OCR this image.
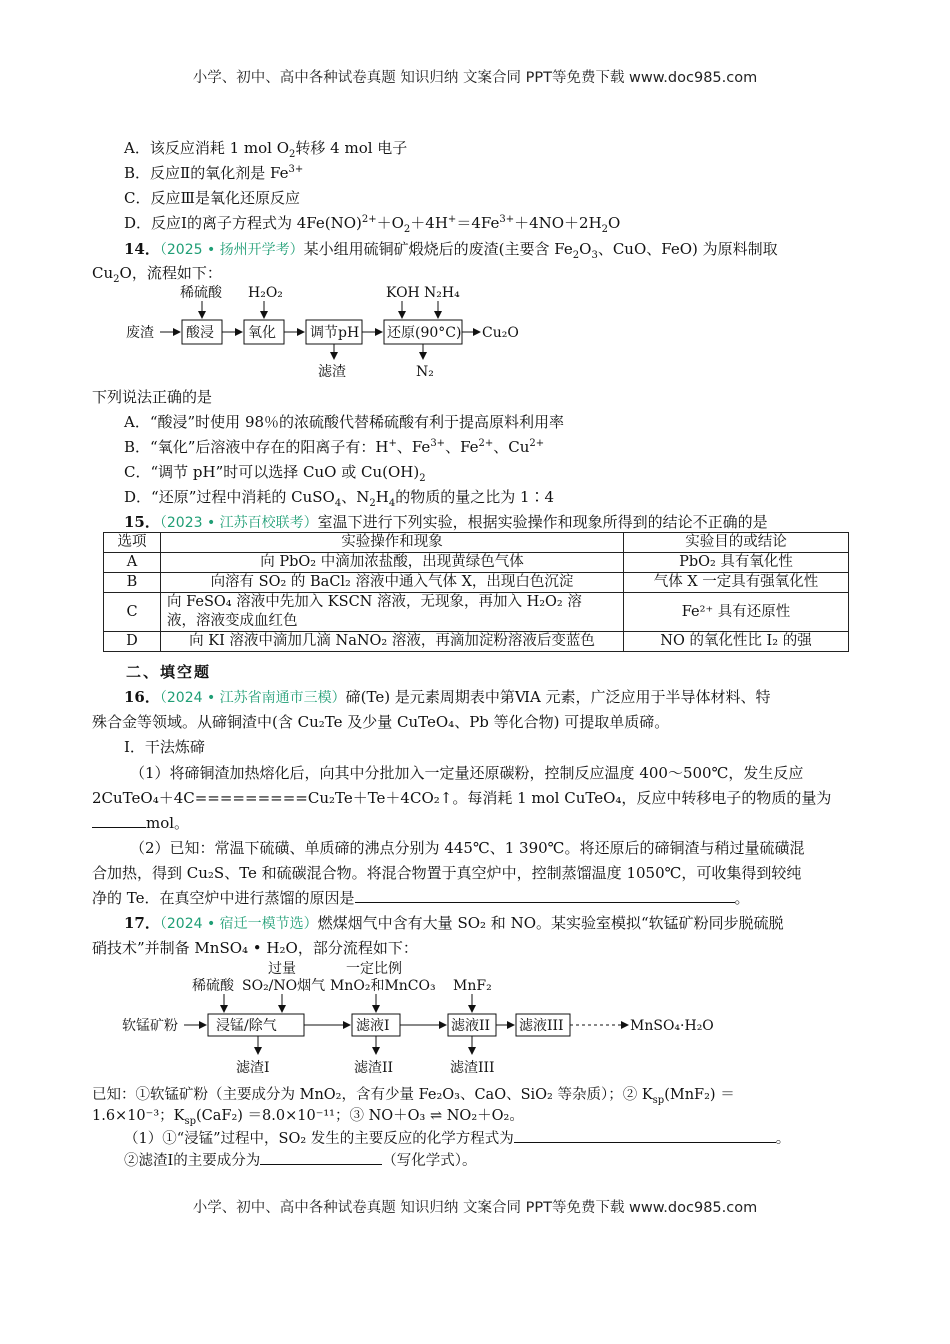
小学、初中、高中各种试卷真题 知识归纳 文案合同 PPT等免费下载 www.doc985.com
A．该反应消耗 1 mol $O_2$转移 4 mol 电子
B．反应Ⅱ的氧化剂是 $Fe^{3+}$
C．反应Ⅲ是氧化还原反应
D．反应Ⅰ的离子方程式为 $4Fe(NO)^{2+}+O_2+4H^+=4Fe^{3+}+4NO+2H_2O$
14．（2025 • 扬州开学考）某小组用硫铜矿煅烧后的废渣(主要含 $Fe_2O_3$、CuO、FeO) 为原料制取
$Cu_2O$，流程如下：
废渣 酸浸
稀硫酸
氧化
H₂O₂
调节pH
滤渣
还原(90°C)
KOH N₂H₄
N₂
Cu₂O
下列说法正确的是
A．“酸浸”时使用 98％的浓硫酸代替稀硫酸有利于提高原料利用率
B．“氧化”后溶液中存在的阳离子有：H+、$Fe^{3+}$、$Fe^{2+}$、$Cu^{2+}$
C．“调节 pH”时可以选择 CuO 或 $Cu(OH)_2$
D．“还原”过程中消耗的 CuSO$_4$、$N_2H_4$的物质的量之比为 1∶4
15．（2023 • 江苏百校联考）室温下进行下列实验，根据实验操作和现象所得到的结论不正确的是
选项	实验操作和现象	实验目的或结论
A	向 PbO₂ 中滴加浓盐酸，出现黄绿色气体	PbO₂ 具有氧化性
B	向溶有 SO₂ 的 BaCl₂ 溶液中通入气体 X，出现白色沉淀	气体 X 一定具有强氧化性
C	向 FeSO₄ 溶液中先加入 KSCN 溶液，无现象，再加入 H₂O₂ 溶
液，溶液变成血红色	Fe²⁺ 具有还原性
D	向 KI 溶液中滴加几滴 NaNO₂ 溶液，再滴加淀粉溶液后变蓝色	NO 的氧化性比 I₂ 的强
二、填空题
16．（2024 • 江苏省南通市三模）碲(Te) 是元素周期表中第ⅥA 元素，广泛应用于半导体材料、特
殊合金等领域。从碲铜渣中(含 Cu₂Te 及少量 CuTeO₄、Pb 等化合物) 可提取单质碲。
I．干法炼碲
（1）将碲铜渣加热熔化后，向其中分批加入一定量还原碳粉，控制反应温度 400～500℃，发生反应
2CuTeO₄＋4C=========Cu₂Te＋Te＋4CO₂↑。每消耗 1 mol CuTeO₄，反应中转移电子的物质的量为
mol。
（2）已知：常温下硫磺、单质碲的沸点分别为 445℃、1 390℃。将还原后的碲铜渣与稍过量硫磺混
合加热，得到 Cu₂S、Te 和硫碳混合物。将混合物置于真空炉中，控制蒸馏温度 1050℃，可收集得到较纯
净的 Te．在真空炉中进行蒸馏的原因是	。
17．（2024 • 宿迁一模节选）燃煤烟气中含有大量 SO₂ 和 NO。某实验室模拟“软锰矿粉同步脱硫脱
硝技术”并制备 MnSO₄ • H₂O，部分流程如下：
软锰矿粉	浸锰/除气
稀硫酸
过量
SO₂/NO烟气
滤渣I
滤液I
一定比例
MnO₂和MnCO₃
滤渣II
滤液II
MnF₂
滤渣III
滤液III	MnSO₄·H₂O
已知：①软锰矿粉（主要成分为 MnO₂，含有少量 Fe₂O₃、CaO、SiO₂ 等杂质）；② $K_{sp}(MnF_2)$ ＝
1.6×10⁻³；$K_{sp}(CaF_2) =8.0\times 10^{-11}$；③ NO＋O₃ ⇌ NO₂＋O₂。
（1）①“浸锰”过程中，SO₂ 发生的主要反应的化学方程式为	。
②滤渣Ⅰ的主要成分为	（写化学式）。
小学、初中、高中各种试卷真题 知识归纳 文案合同 PPT等免费下载 www.doc985.com
